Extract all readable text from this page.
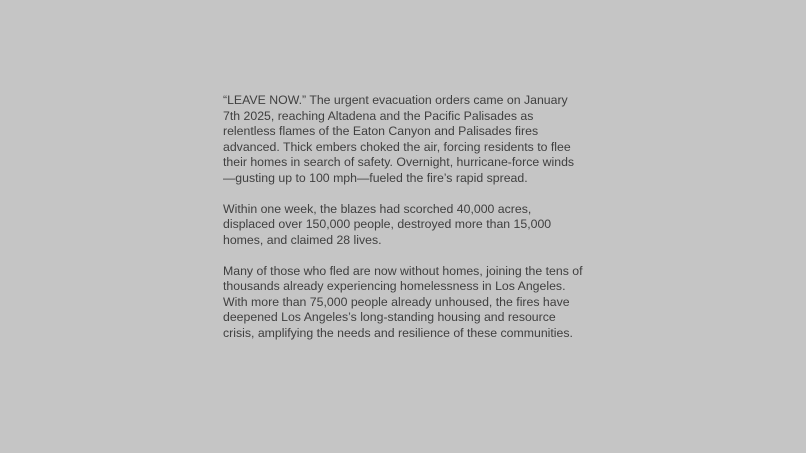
“LEAVE NOW.” The urgent evacuation orders came on January 7th 2025, reaching Altadena and the Pacific Palisades as relentless flames of the Eaton Canyon and Palisades fires advanced. Thick embers choked the air, forcing residents to flee their homes in search of safety. Overnight, hurricane-force winds—gusting up to 100 mph—fueled the fire’s rapid spread.

Within one week, the blazes had scorched 40,000 acres, displaced over 150,000 people, destroyed more than 15,000 homes, and claimed 28 lives.

Many of those who fled are now without homes, joining the tens of thousands already experiencing homelessness in Los Angeles. With more than 75,000 people already unhoused, the fires have deepened Los Angeles’s long-standing housing and resource crisis, amplifying the needs and resilience of these communities.
